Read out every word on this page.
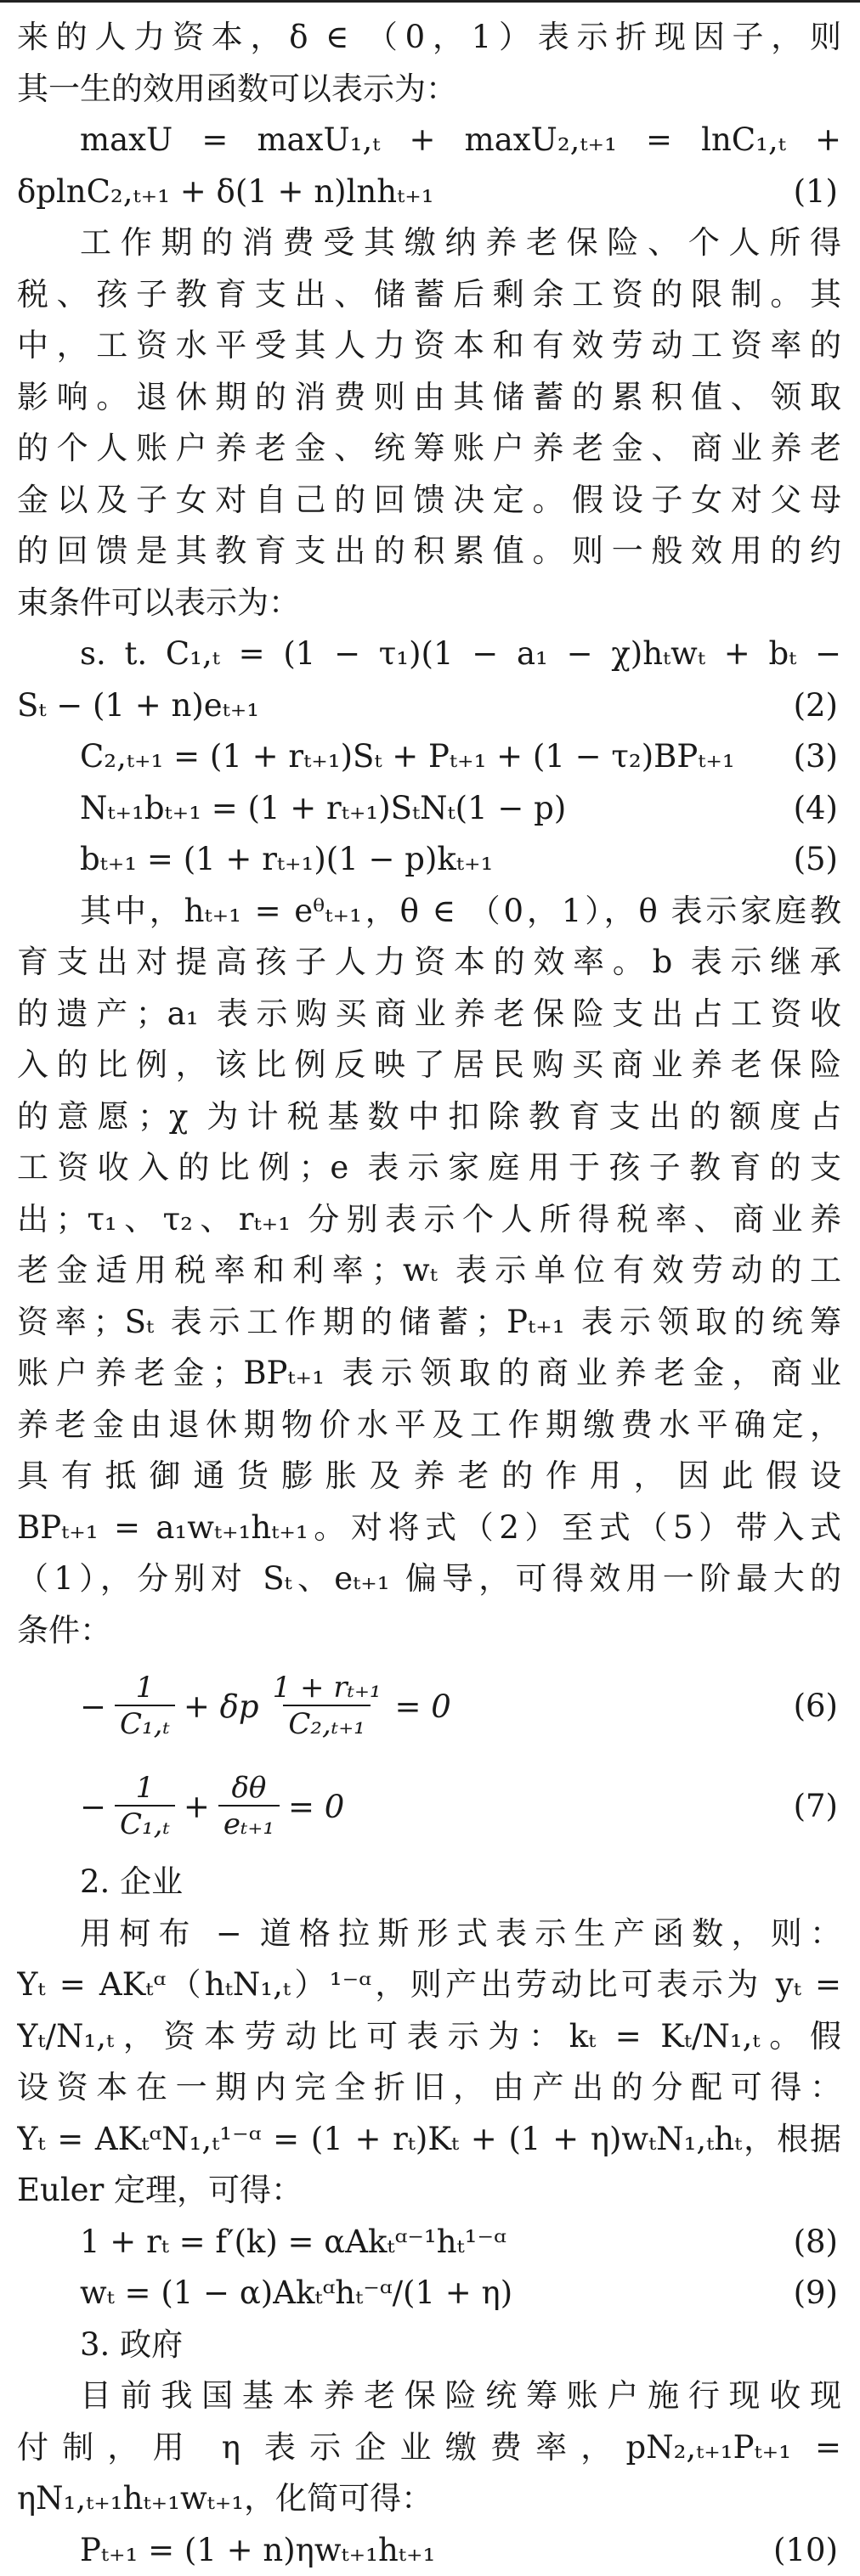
来的人力资本，δ ∈ （0，1）表示折现因子，则
其一生的效用函数可以表示为：
maxU = maxU₁,ₜ + maxU₂,ₜ₊₁ = lnC₁,ₜ +
δplnC₂,ₜ₊₁ + δ(1 + n)lnhₜ₊₁	(1)
工作期的消费受其缴纳养老保险、个人所得
税、孩子教育支出、储蓄后剩余工资的限制。其
中，工资水平受其人力资本和有效劳动工资率的
影响。退休期的消费则由其储蓄的累积值、领取
的个人账户养老金、统筹账户养老金、商业养老
金以及子女对自己的回馈决定。假设子女对父母
的回馈是其教育支出的积累值。则一般效用的约
束条件可以表示为：
s. t. C₁,ₜ = (1 − τ₁)(1 − a₁ − χ)hₜwₜ + bₜ −
Sₜ − (1 + n)eₜ₊₁	(2)
C₂,ₜ₊₁ = (1 + rₜ₊₁)Sₜ + Pₜ₊₁ + (1 − τ₂)BPₜ₊₁ (3)
Nₜ₊₁bₜ₊₁ = (1 + rₜ₊₁)SₜNₜ(1 − p)	(4)
bₜ₊₁ = (1 + rₜ₊₁)(1 − p)kₜ₊₁	(5)
其中，hₜ₊₁ = eᶿₜ₊₁，θ ∈ （0，1），θ 表示家庭教
育支出对提高孩子人力资本的效率。b 表示继承
的遗产；a₁ 表示购买商业养老保险支出占工资收
入的比例，该比例反映了居民购买商业养老保险
的意愿；χ 为计税基数中扣除教育支出的额度占
工资收入的比例；e 表示家庭用于孩子教育的支
出；τ₁、τ₂、rₜ₊₁ 分别表示个人所得税率、商业养
老金适用税率和利率；wₜ 表示单位有效劳动的工
资率；Sₜ 表示工作期的储蓄；Pₜ₊₁ 表示领取的统筹
账户养老金；BPₜ₊₁ 表示领取的商业养老金，商业
养老金由退休期物价水平及工作期缴费水平确定，
具有抵御通货膨胀及养老的作用，因此假设
BPₜ₊₁ = a₁wₜ₊₁hₜ₊₁。对将式（2）至式（5）带入式
（1），分别对 Sₜ、eₜ₊₁ 偏导，可得效用一阶最大的
条件：
− $\frac{1}{\text{C₁,ₜ}} + \delta p \frac{\text{1 + rₜ₊₁}}{\text{C₂,ₜ₊₁}} = 0$	(6)
− $\frac{1}{\text{C₁,ₜ}} + \frac{\delta\theta}{\text{eₜ₊₁}} = 0$	(7)
2. 企业
用柯布 − 道格拉斯形式表示生产函数，则：
Yₜ = AKₜᵅ（hₜN₁,ₜ）¹⁻ᵅ，则产出劳动比可表示为 yₜ =
Yₜ/N₁,ₜ，资本劳动比可表示为：kₜ = Kₜ/N₁,ₜ。假
设资本在一期内完全折旧，由产出的分配可得：
Yₜ = AKₜᵅN₁,ₜ¹⁻ᵅ = (1 + rₜ)Kₜ + (1 + η)wₜN₁,ₜhₜ，根据
Euler 定理，可得：
1 + rₜ = f′(k) = αAkₜᵅ⁻¹hₜ¹⁻ᵅ	(8)
wₜ = (1 − α)Akₜᵅhₜ⁻ᵅ/(1 + η)	(9)
3. 政府
目前我国基本养老保险统筹账户施行现收现
付制，用 η 表示企业缴费率，pN₂,ₜ₊₁Pₜ₊₁ =
ηN₁,ₜ₊₁hₜ₊₁wₜ₊₁，化简可得：
Pₜ₊₁ = (1 + n)ηwₜ₊₁hₜ₊₁	(10)
